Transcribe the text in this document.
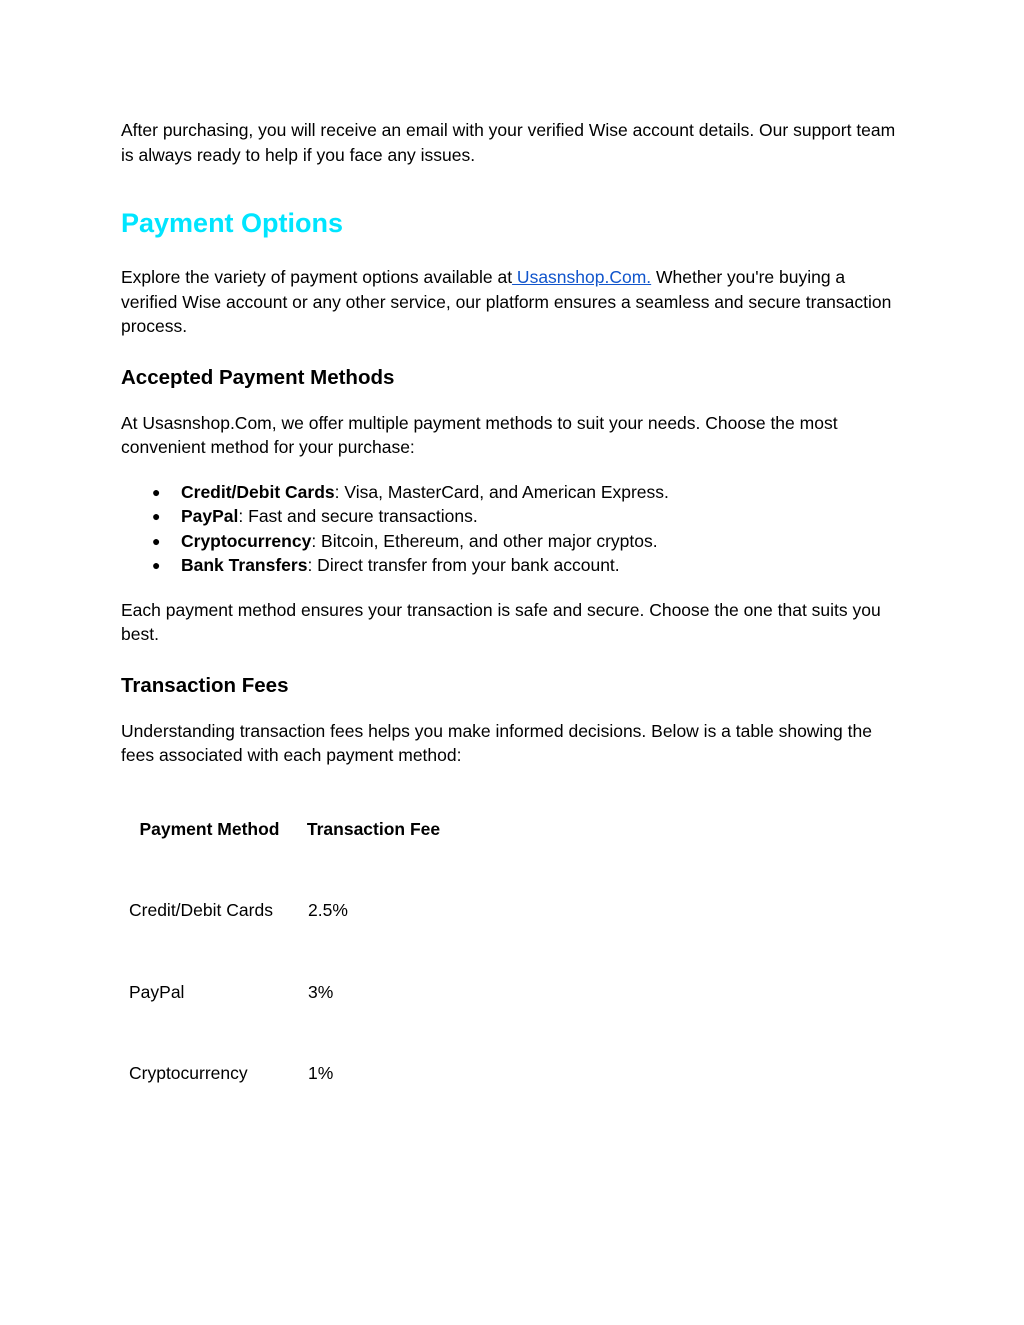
After purchasing, you will receive an email with your verified Wise account details. Our support team is always ready to help if you face any issues.

Payment Options

Explore the variety of payment options available at Usasnshop.Com. Whether you're buying a verified Wise account or any other service, our platform ensures a seamless and secure transaction process.

Accepted Payment Methods

At Usasnshop.Com, we offer multiple payment methods to suit your needs. Choose the most convenient method for your purchase:

● Credit/Debit Cards: Visa, MasterCard, and American Express.
● PayPal: Fast and secure transactions.
● Cryptocurrency: Bitcoin, Ethereum, and other major cryptos.
● Bank Transfers: Direct transfer from your bank account.

Each payment method ensures your transaction is safe and secure. Choose the one that suits you best.

Transaction Fees

Understanding transaction fees helps you make informed decisions. Below is a table showing the fees associated with each payment method:

Payment Method	Transaction Fee
Credit/Debit Cards	2.5%
PayPal	3%
Cryptocurrency	1%
